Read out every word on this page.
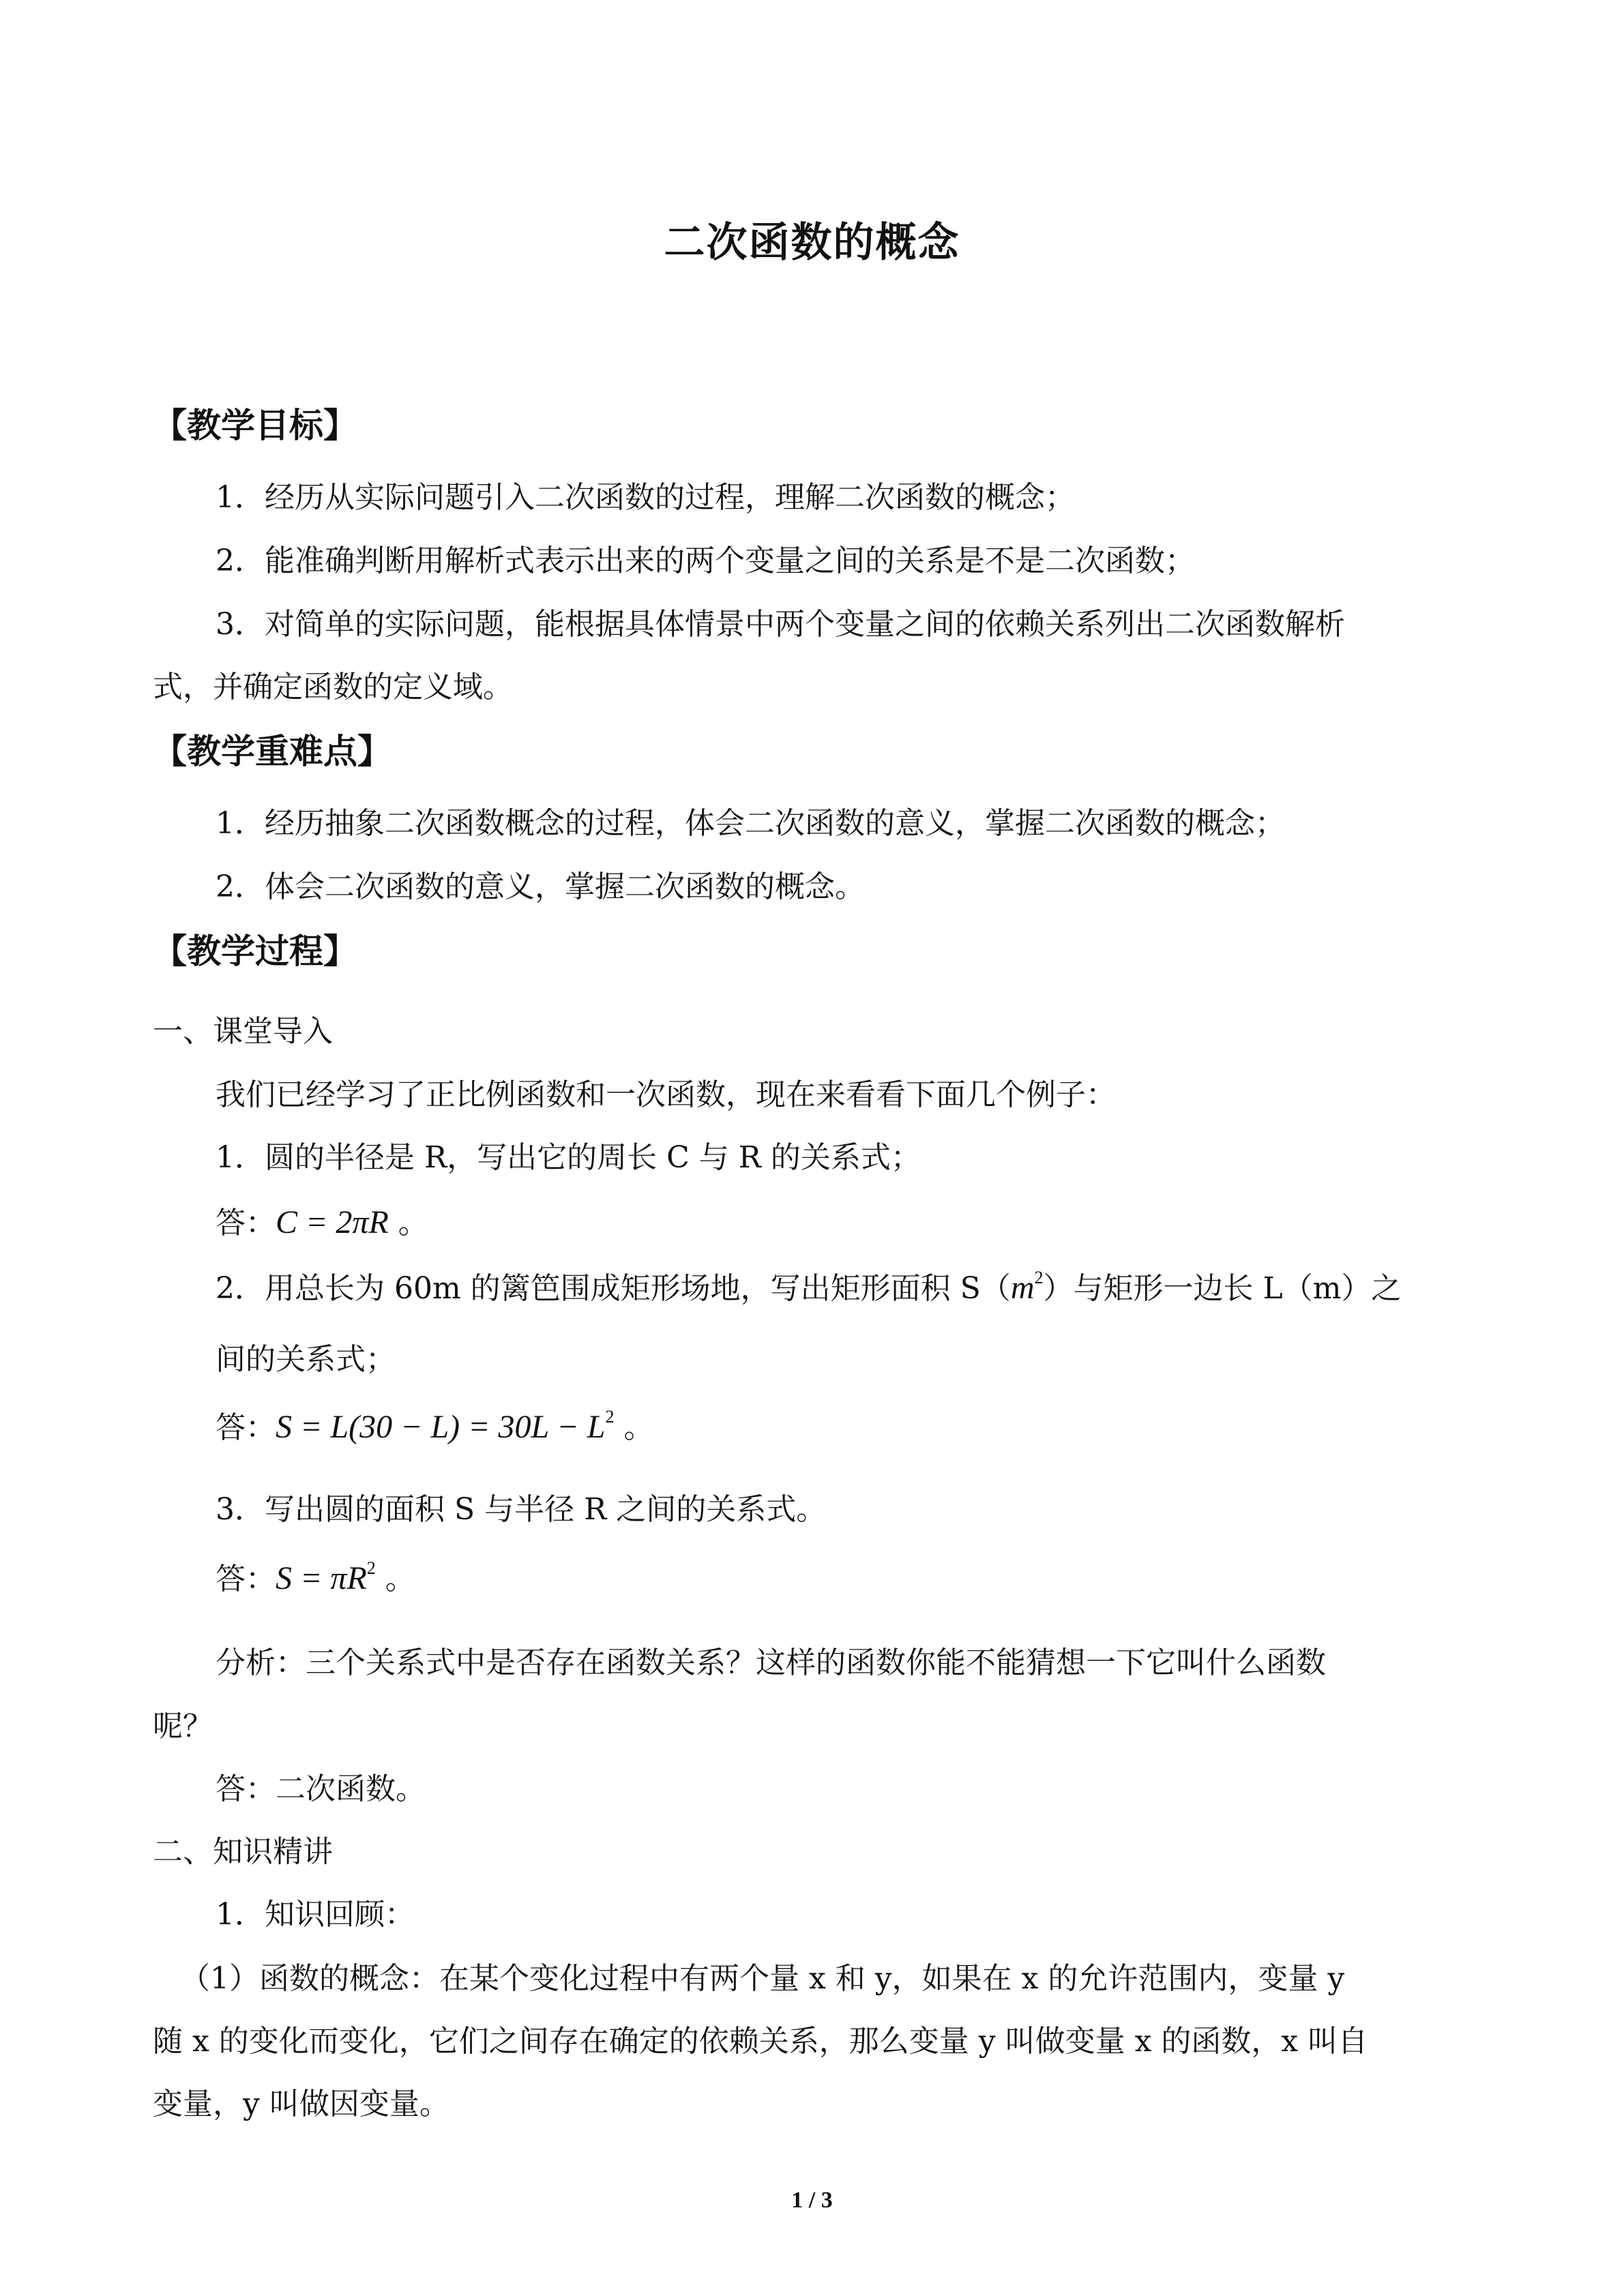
二次函数的概念
【教学目标】
1．经历从实际问题引入二次函数的过程，理解二次函数的概念；
2．能准确判断用解析式表示出来的两个变量之间的关系是不是二次函数；
3．对简单的实际问题，能根据具体情景中两个变量之间的依赖关系列出二次函数解析
式，并确定函数的定义域。
【教学重难点】
1．经历抽象二次函数概念的过程，体会二次函数的意义，掌握二次函数的概念；
2．体会二次函数的意义，掌握二次函数的概念。
【教学过程】
一、课堂导入
我们已经学习了正比例函数和一次函数，现在来看看下面几个例子：
1．圆的半径是 R，写出它的周长 C 与 R 的关系式；
答：C = 2πR 。
2．用总长为 60m 的篱笆围成矩形场地，写出矩形面积 $S(m^2)$与矩形一边长 L（m）之
间的关系式；
答：$S = L(30 - L) = 30L - L^2$ 。
3．写出圆的面积 S 与半径 R 之间的关系式。
答：$S = \pi R^2$ 。
分析：三个关系式中是否存在函数关系？这样的函数你能不能猜想一下它叫什么函数
呢？
答：二次函数。
二、知识精讲
1．知识回顾：
（1）函数的概念：在某个变化过程中有两个量 x 和 y，如果在 x 的允许范围内，变量 y
随 x 的变化而变化，它们之间存在确定的依赖关系，那么变量 y 叫做变量 x 的函数，x 叫自
变量，y 叫做因变量。
1 / 3
